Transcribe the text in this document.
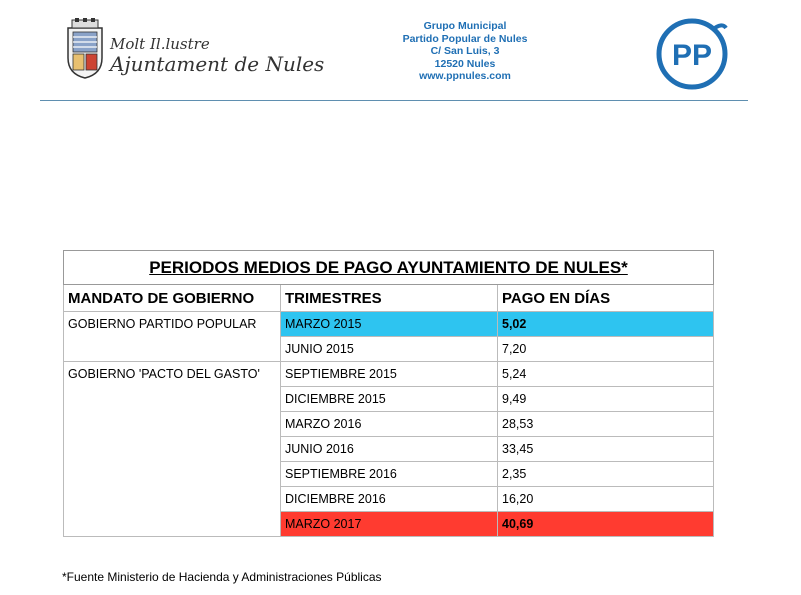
Molt Il.lustre
Ajuntament de Nules
Grupo Municipal
Partido Popular de Nules
C/ San Luis, 3
12520 Nules
www.ppnules.com
PP
PERIODOS MEDIOS DE PAGO AYUNTAMIENTO DE NULES*		
MANDATO DE GOBIERNO	TRIMESTRES	PAGO EN DÍAS
GOBIERNO PARTIDO POPULAR	MARZO 2015	5,02
	JUNIO 2015	7,20
GOBIERNO 'PACTO DEL GASTO'	SEPTIEMBRE 2015	5,24
	DICIEMBRE 2015	9,49
	MARZO 2016	28,53
	JUNIO 2016	33,45
	SEPTIEMBRE 2016	2,35
	DICIEMBRE 2016	16,20
	MARZO 2017	40,69
*Fuente Ministerio de Hacienda y Administraciones Públicas
